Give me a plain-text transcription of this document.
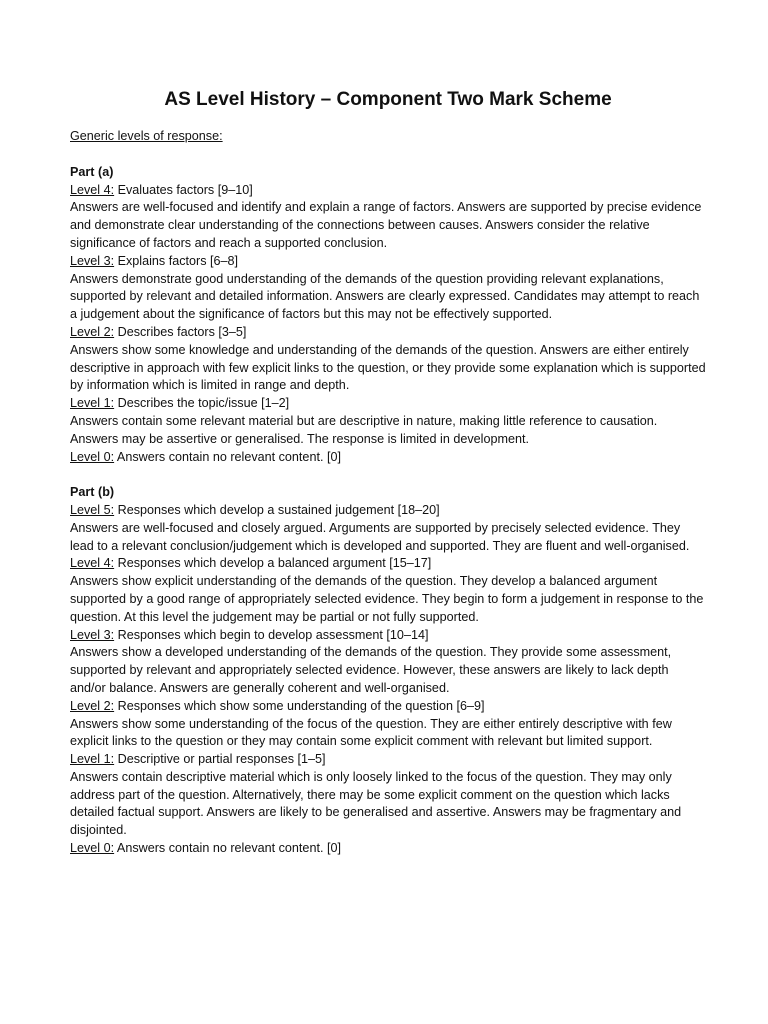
AS Level History – Component Two Mark Scheme
Generic levels of response:
Part (a)
Level 4: Evaluates factors [9–10]

Answers are well-focused and identify and explain a range of factors. Answers are supported by precise evidence and demonstrate clear understanding of the connections between causes. Answers consider the relative significance of factors and reach a supported conclusion.

Level 3: Explains factors [6–8]

Answers demonstrate good understanding of the demands of the question providing relevant explanations, supported by relevant and detailed information. Answers are clearly expressed. Candidates may attempt to reach a judgement about the significance of factors but this may not be effectively supported.

Level 2: Describes factors [3–5]

Answers show some knowledge and understanding of the demands of the question. Answers are either entirely descriptive in approach with few explicit links to the question, or they provide some explanation which is supported by information which is limited in range and depth.

Level 1: Describes the topic/issue [1–2]

Answers contain some relevant material but are descriptive in nature, making little reference to causation. Answers may be assertive or generalised. The response is limited in development.

Level 0: Answers contain no relevant content. [0]
Part (b)
Level 5: Responses which develop a sustained judgement [18–20]

Answers are well-focused and closely argued. Arguments are supported by precisely selected evidence. They lead to a relevant conclusion/judgement which is developed and supported. They are fluent and well-organised.

Level 4: Responses which develop a balanced argument [15–17]

Answers show explicit understanding of the demands of the question. They develop a balanced argument supported by a good range of appropriately selected evidence. They begin to form a judgement in response to the question. At this level the judgement may be partial or not fully supported.

Level 3: Responses which begin to develop assessment [10–14]

Answers show a developed understanding of the demands of the question. They provide some assessment, supported by relevant and appropriately selected evidence. However, these answers are likely to lack depth and/or balance. Answers are generally coherent and well-organised.

Level 2: Responses which show some understanding of the question [6–9]

Answers show some understanding of the focus of the question. They are either entirely descriptive with few explicit links to the question or they may contain some explicit comment with relevant but limited support.

Level 1: Descriptive or partial responses [1–5]

Answers contain descriptive material which is only loosely linked to the focus of the question. They may only address part of the question. Alternatively, there may be some explicit comment on the question which lacks detailed factual support. Answers are likely to be generalised and assertive. Answers may be fragmentary and disjointed.

Level 0: Answers contain no relevant content. [0]
